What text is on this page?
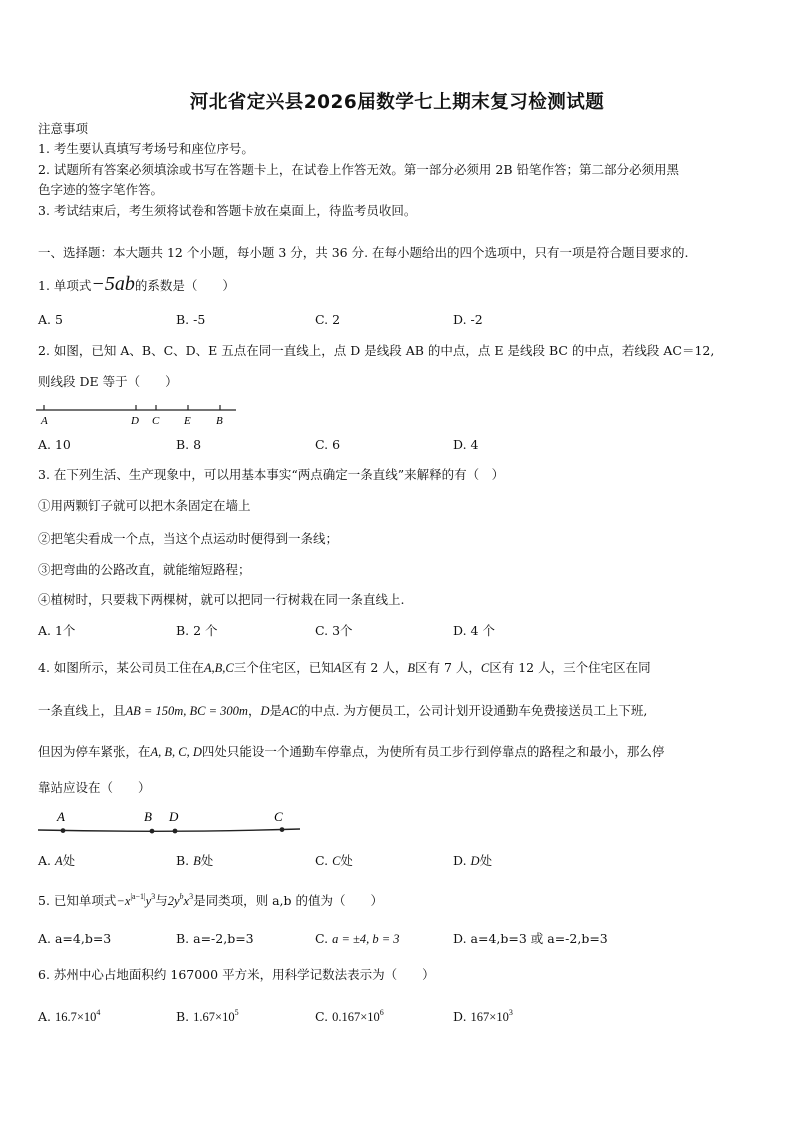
河北省定兴县2026届数学七上期末复习检测试题
注意事项
1. 考生要认真填写考场号和座位序号。
2. 试题所有答案必须填涂或书写在答题卡上，在试卷上作答无效。第一部分必须用 2B 铅笔作答；第二部分必须用黑
色字迹的签字笔作答。
3. 考试结束后，考生须将试卷和答题卡放在桌面上，待监考员收回。
一、选择题：本大题共 12 个小题，每小题 3 分，共 36 分. 在每小题给出的四个选项中，只有一项是符合题目要求的.
1. 单项式−5ab的系数是（　　）
A. 5	B. -5	C. 2	D. -2
2. 如图，已知 A、B、C、D、E 五点在同一直线上，点 D 是线段 AB 的中点，点 E 是线段 BC 的中点，若线段 AC＝12,
则线段 DE 等于（　　）
A	D C E B
A. 10	B. 8	C. 6	D. 4
3. 在下列生活、生产现象中，可以用基本事实“两点确定一条直线”来解释的有（　）
①用两颗钉子就可以把木条固定在墙上
②把笔尖看成一个点，当这个点运动时便得到一条线；
③把弯曲的公路改直，就能缩短路程；
④植树时，只要栽下两棵树，就可以把同一行树栽在同一条直线上.
A. 1个	B. 2 个	C. 3个	D. 4 个
4. 如图所示，某公司员工住在A,B,C三个住宅区，已知A区有 2 人，B区有 7 人，C区有 12 人，三个住宅区在同
一条直线上，且AB = 150m, BC = 300m，D是AC的中点. 为方便员工，公司计划开设通勤车免费接送员工上下班,
但因为停车紧张，在A, B, C, D四处只能设一个通勤车停靠点，为使所有员工步行到停靠点的路程之和最小，那么停
靠站应设在（　　）
A	B D	C
A. A处	B. B处	C. C处	D. D处
5. 已知单项式$-x^{|a-1|}y^3$与$2y^bx^3$是同类项，则 a,b 的值为（　　）
A. a=4,b=3	B. a=-2,b=3	C. a = ±4, b = 3	D. a=4,b=3 或 a=-2,b=3
6. 苏州中心占地面积约 167000 平方米，用科学记数法表示为（　　）
A. $16.7\times 10^4$	B. $1.67\times 10^5$	C. $0.167\times 10^6$	D. $167\times 10^3$
